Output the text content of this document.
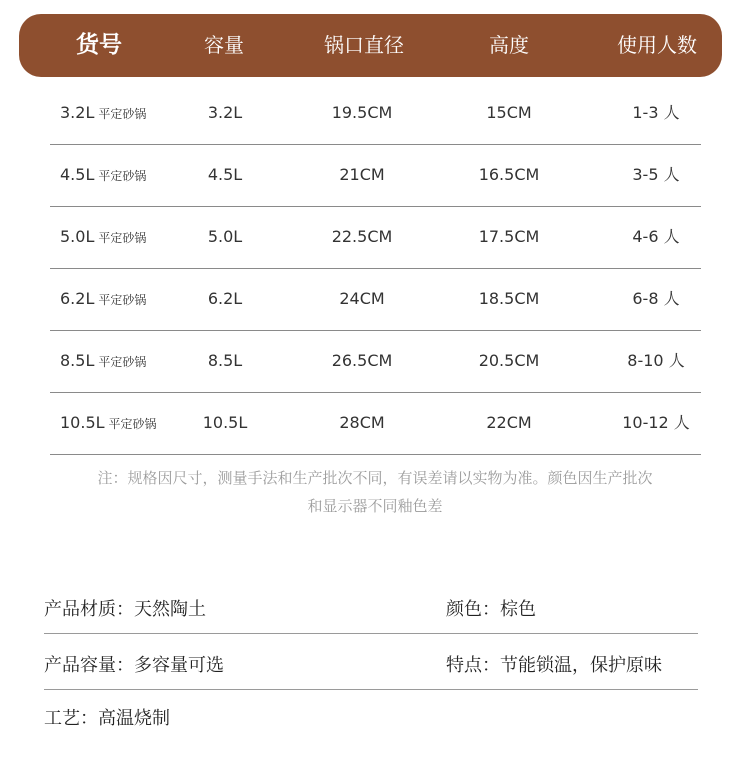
货号	容量	锅口直径	高度	使用人数
3.2L 平定砂锅	3.2L	19.5CM	15CM	1-3 人
4.5L 平定砂锅	4.5L	21CM	16.5CM	3-5 人
5.0L 平定砂锅	5.0L	22.5CM	17.5CM	4-6 人
6.2L 平定砂锅	6.2L	24CM	18.5CM	6-8 人
8.5L 平定砂锅	8.5L	26.5CM	20.5CM	8-10 人
10.5L 平定砂锅	10.5L	28CM	22CM	10-12 人
注：规格因尺寸，测量手法和生产批次不同，有误差请以实物为准。颜色因生产批次
和显示器不同釉色差
产品材质：天然陶土	颜色：棕色
产品容量：多容量可选	特点：节能锁温，保护原味
工艺：高温烧制
